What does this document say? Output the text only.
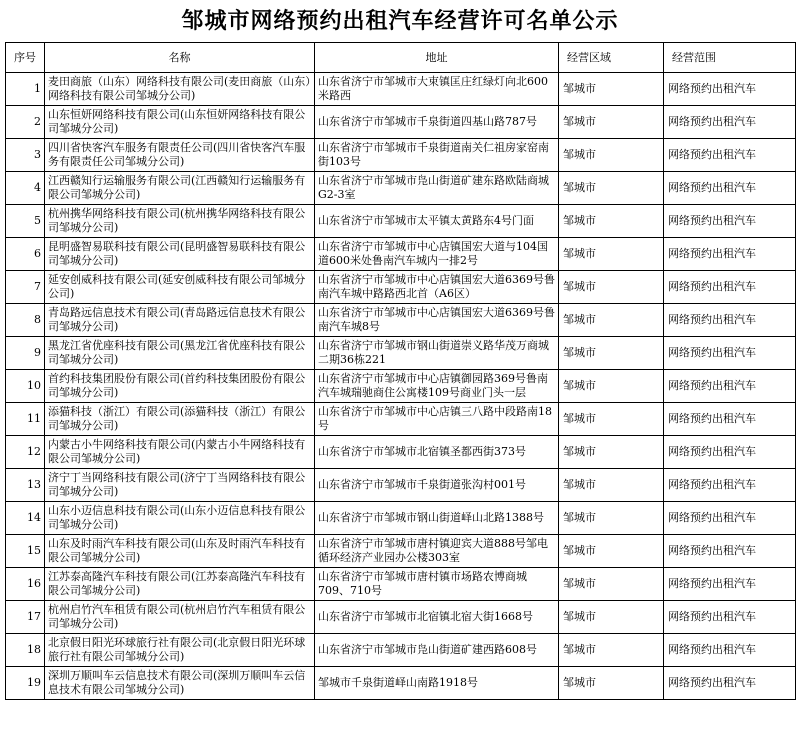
邹城市网络预约出租汽车经营许可名单公示
序号	名称	地址	经营区域	经营范围
1	麦田商旅（山东）网络科技有限公司(麦田商旅（山东）网络科技有限公司邹城分公司)	山东省济宁市邹城市大束镇匡庄红绿灯向北600米路西	邹城市	网络预约出租汽车
2	山东恒妍网络科技有限公司(山东恒妍网络科技有限公司邹城分公司)	山东省济宁市邹城市千泉街道四基山路787号	邹城市	网络预约出租汽车
3	四川省快客汽车服务有限责任公司(四川省快客汽车服务有限责任公司邹城分公司)	山东省济宁市邹城市千泉街道南关仁祖房家窑南街103号	邹城市	网络预约出租汽车
4	江西赣知行运输服务有限公司(江西赣知行运输服务有限公司邹城分公司)	山东省济宁市邹城市凫山街道矿建东路欧陆商城G2-3室	邹城市	网络预约出租汽车
5	杭州携华网络科技有限公司(杭州携华网络科技有限公司邹城分公司)	山东省济宁市邹城市太平镇太黄路东4号门面	邹城市	网络预约出租汽车
6	昆明盛智易联科技有限公司(昆明盛智易联科技有限公司邹城分公司)	山东省济宁市邹城市中心店镇国宏大道与104国道600米处鲁南汽车城内一排2号	邹城市	网络预约出租汽车
7	延安创威科技有限公司(延安创威科技有限公司邹城分公司)	山东省济宁市邹城市中心店镇国宏大道6369号鲁南汽车城中路路西北首（A6区）	邹城市	网络预约出租汽车
8	青岛路远信息技术有限公司(青岛路远信息技术有限公司邹城分公司)	山东省济宁市邹城市中心店镇国宏大道6369号鲁南汽车城8号	邹城市	网络预约出租汽车
9	黑龙江省优座科技有限公司(黑龙江省优座科技有限公司邹城分公司)	山东省济宁市邹城市钢山街道崇义路华茂万商城二期36栋221	邹城市	网络预约出租汽车
10	首约科技集团股份有限公司(首约科技集团股份有限公司邹城分公司)	山东省济宁市邹城市中心店镇御园路369号鲁南汽车城瑞驰商住公寓楼109号商业门头一层	邹城市	网络预约出租汽车
11	添猫科技（浙江）有限公司(添猫科技（浙江）有限公司邹城分公司)	山东省济宁市邹城市中心店镇三八路中段路南18号	邹城市	网络预约出租汽车
12	内蒙古小牛网络科技有限公司(内蒙古小牛网络科技有限公司邹城分公司)	山东省济宁市邹城市北宿镇圣都西街373号	邹城市	网络预约出租汽车
13	济宁丁当网络科技有限公司(济宁丁当网络科技有限公司邹城分公司)	山东省济宁市邹城市千泉街道张沟村001号	邹城市	网络预约出租汽车
14	山东小迈信息科技有限公司(山东小迈信息科技有限公司邹城分公司)	山东省济宁市邹城市钢山街道峄山北路1388号	邹城市	网络预约出租汽车
15	山东及时雨汽车科技有限公司(山东及时雨汽车科技有限公司邹城分公司)	山东省济宁市邹城市唐村镇迎宾大道888号邹电循环经济产业园办公楼303室	邹城市	网络预约出租汽车
16	江苏泰高隆汽车科技有限公司(江苏泰高隆汽车科技有限公司邹城分公司)	山东省济宁市邹城市唐村镇市场路农博商城709、710号	邹城市	网络预约出租汽车
17	杭州启竹汽车租赁有限公司(杭州启竹汽车租赁有限公司邹城分公司)	山东省济宁市邹城市北宿镇北宿大街1668号	邹城市	网络预约出租汽车
18	北京假日阳光环球旅行社有限公司(北京假日阳光环球旅行社有限公司邹城分公司)	山东省济宁市邹城市凫山街道矿建西路608号	邹城市	网络预约出租汽车
19	深圳万顺叫车云信息技术有限公司(深圳万顺叫车云信息技术有限公司邹城分公司)	邹城市千泉街道峄山南路1918号	邹城市	网络预约出租汽车
